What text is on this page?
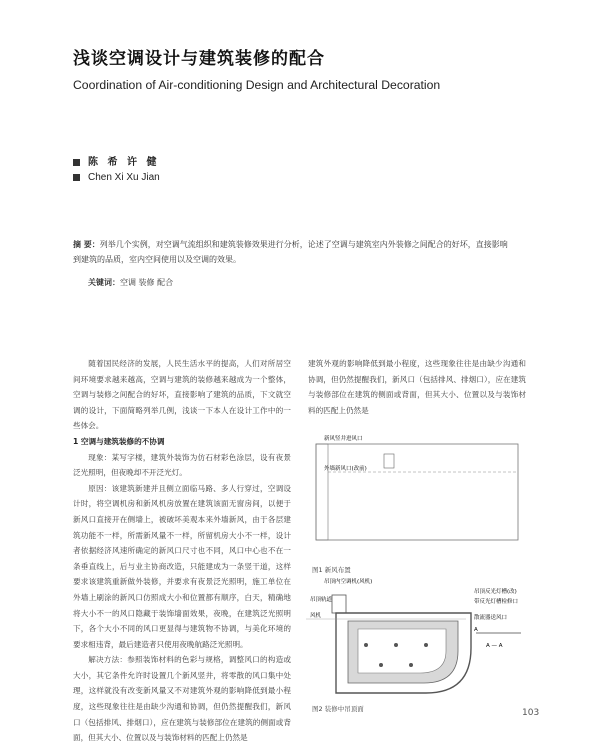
浅谈空调设计与建筑装修的配合
Coordination of Air-conditioning Design and Architectural Decoration
陈 希 许 健
Chen Xi Xu Jian
摘 要：列举几个实例，对空调气流组织和建筑装修效果进行分析，论述了空调与建筑室内外装修之间配合的好坏，直接影响到建筑的品质，室内空间使用以及空调的效果。
关键词：空调 装修 配合

随着国民经济的发展，人民生活水平的提高，人们对所居空间环境要求越来越高，空调与建筑的装修越来越成为一个整体，空调与装修之间配合的好坏，直接影响了建筑的品质，下文就空调的设计，下面简略列举几例，浅谈一下本人在设计工作中的一些体会。

1 空调与建筑装修的不协调

现象：某写字楼，建筑外装饰为仿石材彩色涂层，设有夜景泛光照明，但夜晚却不开泛光灯。

原因：该建筑新建并且侧立面临马路、多人行穿过，空调设计时，将空调机房和新风机房放置在建筑该面无窗房间，以便于新风口直接开在侧墙上，被破坏美观本来外墙新风，由于各层建筑功能不一样，所需新风量不一样，所留机房大小不一样，设计者依据经济风速所确定的新风口尺寸也不同，风口中心也不在一条垂直线上，后与业主协商改造，只能建成为一条竖干道，这样要求该建筑重新做外装修，并要求有夜景泛光照明，施工单位在外墙上刷涂的新风口仿照成大小和位置都有顺序，白天，精确地将大小不一的风口隐藏于装饰墙面效果，夜晚，在建筑泛光照明下，各个大小不同的风口更显得与建筑物不协调，与美化环境的要求相违背，最后建造者只使用夜晚航路泛光照明。

解决方法：参照装饰材料的色彩与规格，调整风口的构造或大小，其它条件允许时设置几个新风竖井，将零散的风口集中处理，这样就没有改变新风量又不对建筑外观的影响降低到最小程度，这些现象往往是由缺少沟通和协调，但仍然提醒我们，新风口（包括排风、排烟口），应在建筑与装修部位在建筑的侧面或背面，但其大小、位置以及与装饰材料的匹配上仍然是

建筑外观的影响降低到最小程度，这些现象往往是由缺少沟通和协调，但仍然提醒我们，新风口（包括排风、排烟口），应在建筑与装修部位在建筑的侧面或背面，但其大小、位置以及与装饰材料的匹配上仍然是

新风竖井进风口
外墙新风口(改前)
图1 新风布置
吊顶内空调机(风机)
吊顶轨道
风机
吊顶反光灯槽(改)
带反光灯槽检修口
散流器送风口
A — A
A
图2 装修中吊顶面	103
